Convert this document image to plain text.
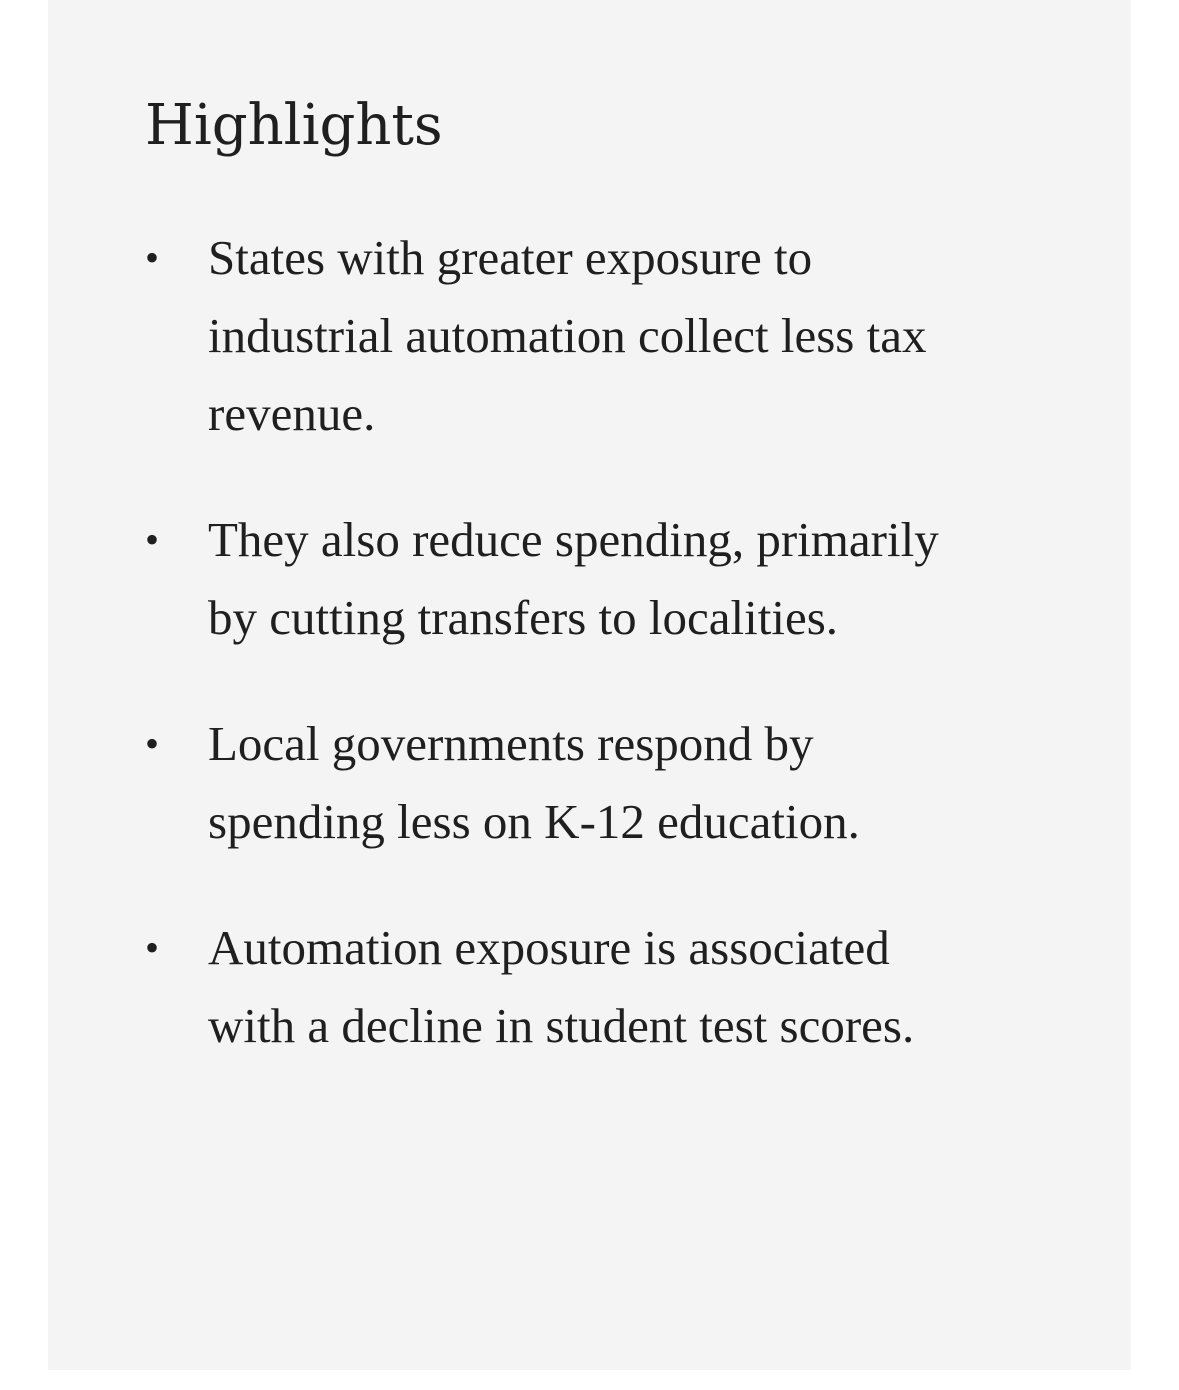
Highlights
• States with greater exposure to industrial automation collect less tax revenue.
• They also reduce spending, primarily by cutting transfers to localities.
• Local governments respond by spending less on K-12 education.
• Automation exposure is associated with a decline in student test scores.
